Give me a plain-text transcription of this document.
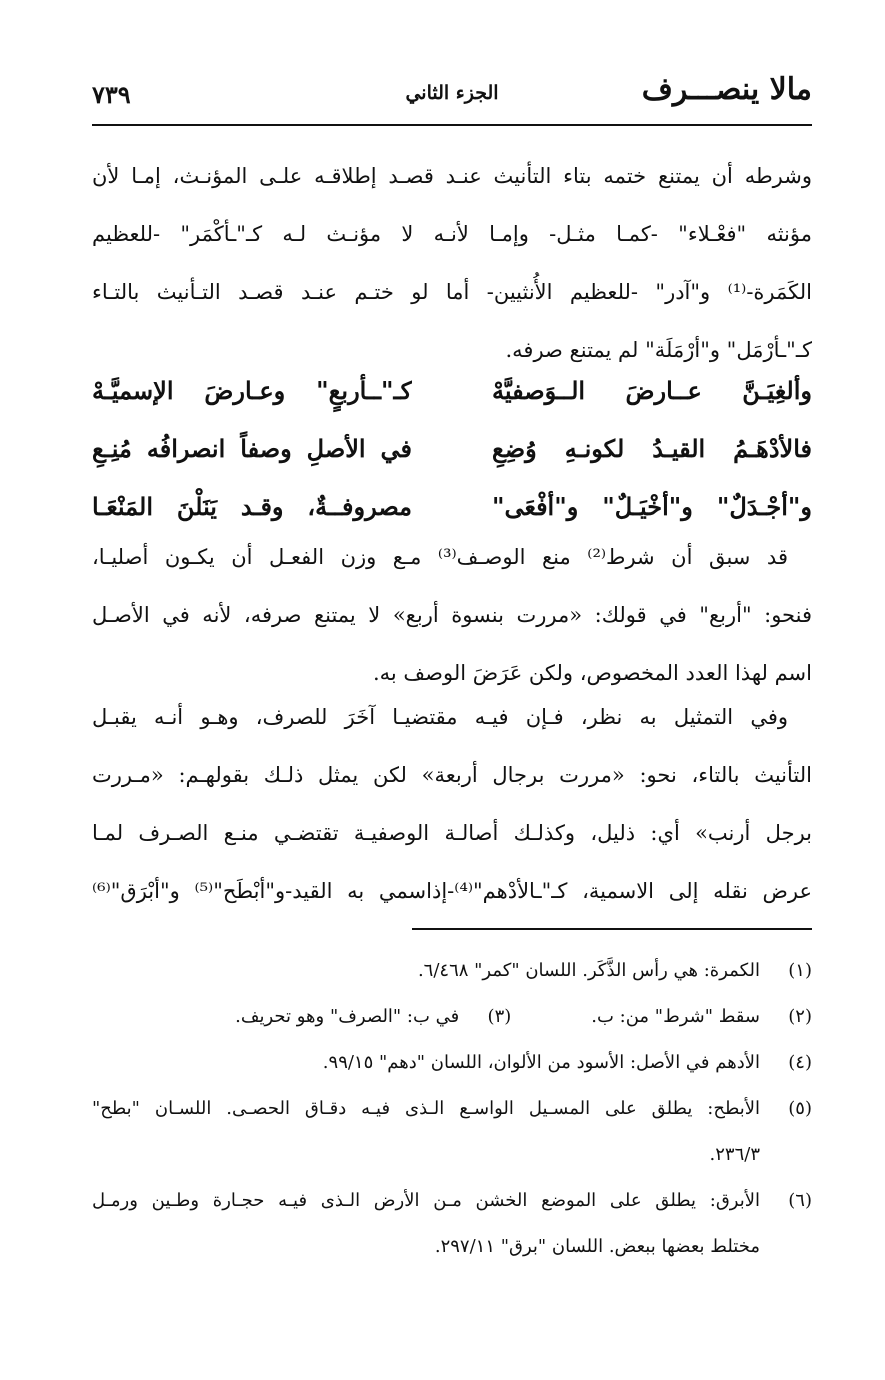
مالا ينصـــرف
الجزء الثاني
٧٣٩
وشرطه أن يمتنع ختمه بتاء التأنيث عنـد قصـد إطلاقـه علـى المؤنـث، إمـا لأن
مؤنثه "فعْـلاء" -كمـا مثـل- وإمـا لأنـه لا مؤنـث لـه كـ"ـأكْمَر" -للعظيم
الكَمَرة-⁽¹⁾ و"آدر" -للعظيم الأُنثيين- أما لو ختـم عنـد قصـد التـأنيث بالتـاء
كـ"ـأرْمَل" و"أرْمَلَة" لم يمتنع صرفه.
وألغِيَـنَّ عــارضَ الــوَصفيَّهْ
كـ"ــأربعٍ" وعـارضَ الإسميَّـهْ
فالأدْهَـمُ القيـدُ لكونـهِ وُضِعِ
في الأصلِ وصفاً انصرافُه مُنِـعِ
و"أجْـدَلٌ" و"أخْيَـلٌ" و"أفْعَى"
مصروفــةٌ، وقـد يَنَلْنَ المَنْعَـا
قد سبق أن شرط⁽²⁾ منع الوصـف⁽³⁾ مـع وزن الفعـل أن يكـون أصليـا،
فنحو: "أربع" في قولك: «مررت بنسوة أربع» لا يمتنع صرفه، لأنه في الأصـل
اسم لهذا العدد المخصوص، ولكن عَرَضَ الوصف به.
وفي التمثيل به نظر، فـإن فيـه مقتضيـا آخَرَ للصرف، وهـو أنـه يقبـل
التأنيث بالتاء، نحو: «مررت برجال أربعة» لكن يمثل ذلـك بقولهـم: «مـررت
برجل أرنب» أي: ذليل، وكذلـك أصالـة الوصفيـة تقتضـي منـع الصـرف لمـا
عرض نقله إلى الاسمية، كـ"ـالأدْهم"⁽⁴⁾-إذاسمي به القيد-و"أبْطَح"⁽⁵⁾ و"أبْرَق"⁽⁶⁾
(١)
الكمرة: هي رأس الذَّكَر. اللسان "كمر" ٦/٤٦٨.
(٢)
سقط "شرط" من: ب.
(٣)
في ب: "الصرف" وهو تحريف.
(٤)
الأدهم في الأصل: الأسود من الألوان، اللسان "دهم" ٩٩/١٥.
(٥)
الأبطح: يطلق على المسـيل الواسـع الـذى فيـه دقـاق الحصـى. اللسـان "بطح"
٢٣٦/٣.
(٦)
الأبرق: يطلق على الموضع الخشن مـن الأرض الـذى فيـه حجـارة وطـين ورمـل
مختلط بعضها ببعض. اللسان "برق" ٢٩٧/١١.
